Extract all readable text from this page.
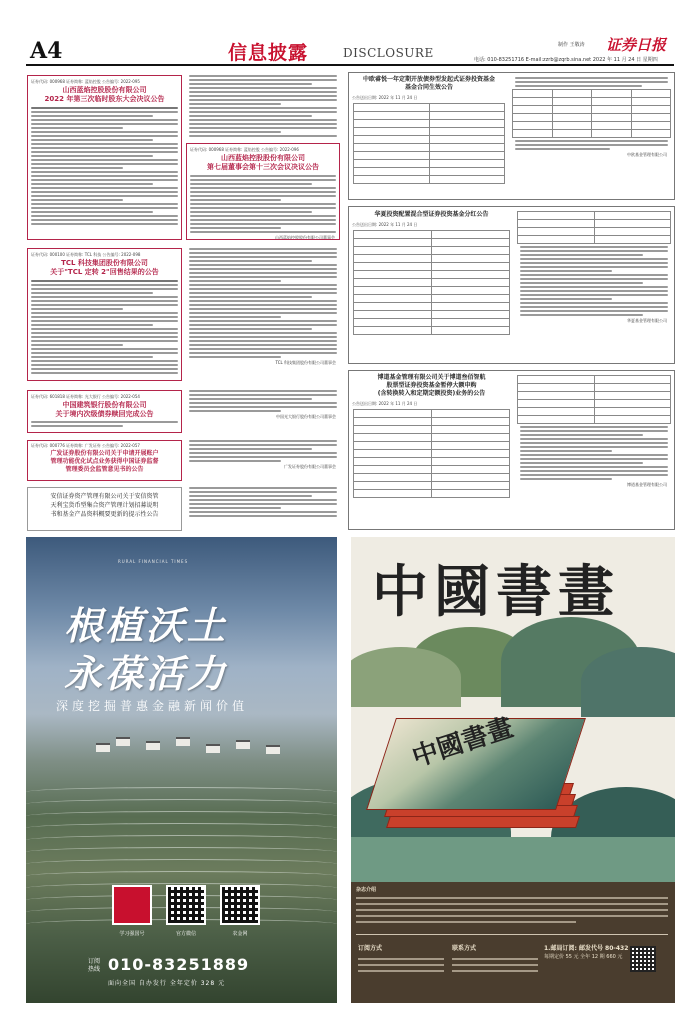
A4	信息披露	DISCLOSURE
制作 王敬涛 证券日报
电话: 010-83251716 E-mail:zzrb@zqrb.sina.net 2022 年 11 月 24 日 星期四
证券代码: 000968 证券简称: 蓝焰控股 公告编号: 2022-095
山西蓝焰控股股份有限公司
2022 年第三次临时股东大会决议公告
证券代码: 000968 证券简称: 蓝焰控股 公告编号: 2022-096
山西蓝焰控股股份有限公司
第七届董事会第十三次会议决议公告
山西蓝焰控股股份有限公司董事会
证券代码: 000100 证券简称: TCL 科技 公告编号: 2022-098
TCL 科技集团股份有限公司
关于"TCL 定转 2"回售结果的公告
TCL 科技集团股份有限公司董事会
证券代码: 601818 证券简称: 光大银行 公告编号: 2022-054
中国建筑银行股份有限公司
关于境内次级债券赎回完成公告	中国光大银行股份有限公司董事会
证券代码: 000776 证券简称: 广发证券 公告编号: 2022-057
广发证券股份有限公司关于申请开展账户
管理功能优化试点业务获得中国证券监督
管理委员会监管意见书的公告	广发证券股份有限公司董事会
安信证券资产管理有限公司关于安信资管
天利宝货币型集合资产管理计划招募说明
书和基金产品资料概要更新的提示性公告
中欧睿悦一年定期开放债券型发起式证券投资基金
基金合同生效公告
公告送出日期: 2022 年 11 月 24 日

中欧基金管理有限公司
华夏投资配置混合型证券投资基金分红公告
公告送出日期: 2022 年 11 月 24 日

华夏基金管理有限公司
博道基金管理有限公司关于博道叁佰智航
股票型证券投资基金暂停大额申购
(含转换转入和定期定额投资)业务的公告
公告送出日期: 2022 年 11 月 24 日

博道基金管理有限公司
农村金融时报
RURAL FINANCIAL TIMES
根植沃土
永葆活力
深度挖掘普惠金融新闻价值
学习强国号	官方微信	农金网
订阅
热线 010-83251889
面向全国 自办发行 全年定价 328 元
中國書畫
中國書畫
杂志介绍
订阅方式	联系方式	1.邮局订阅: 邮发代号 80-432
每期定价 55 元 全年 12 期 660 元
